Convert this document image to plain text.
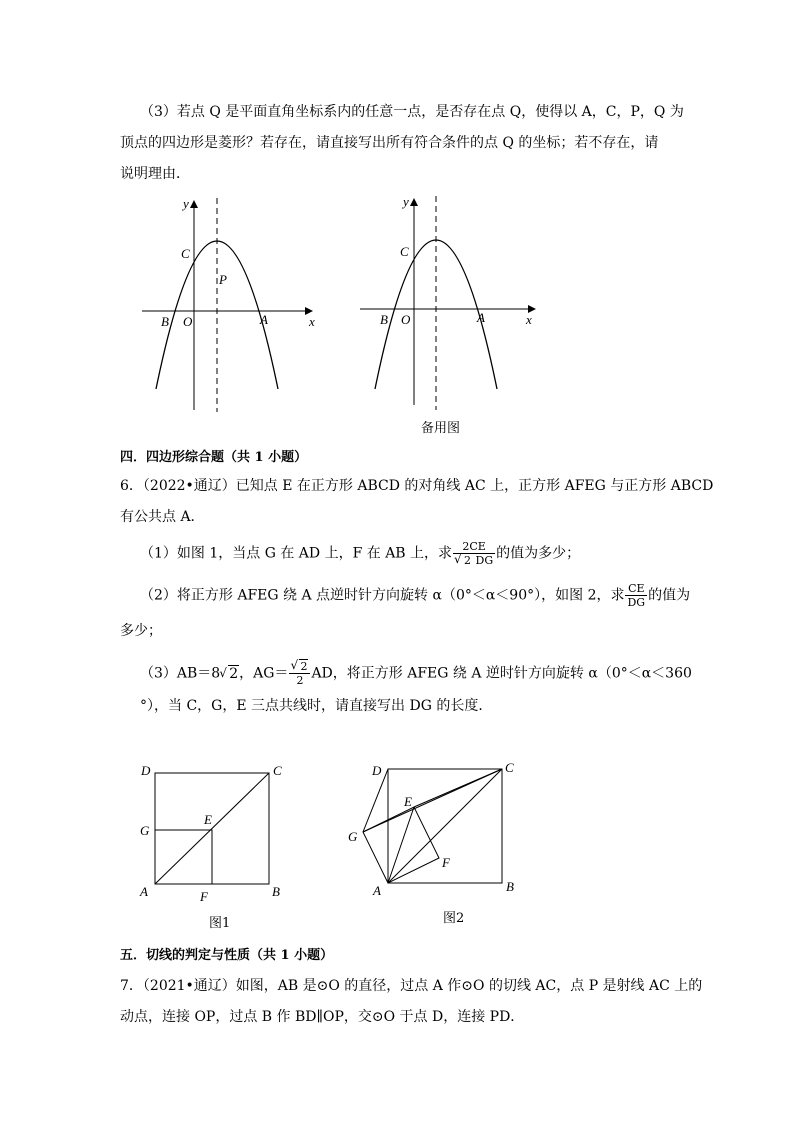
（3）若点 Q 是平面直角坐标系内的任意一点，是否存在点 Q，使得以 A，C，P，Q 为
顶点的四边形是菱形？若存在，请直接写出所有符合条件的点 Q 的坐标；若不存在，请
说明理由．
y
x
C
P
B O	A
y
x
C
B O	A
备用图
四．四边形综合题（共 1 小题）
6．（2022•通辽）已知点 E 在正方形 ABCD 的对角线 AC 上，正方形 AFEG 与正方形 ABCD
有公共点 A．
（1）如图 1，当点 G 在 AD 上，F 在 AB 上，求 2CE
√ 2 DG 的值为多少；
（2）将正方形 AFEG 绕 A 点逆时针方向旋转 α（0°＜α＜90°），如图 2，求 $\frac{CE}{DG}$ 的值为
多少；
（3）AB＝8 √ 2，AG＝ √ $\frac{2}{2}$ AD，将正方形 AFEG 绕 A 逆时针方向旋转 α（0°＜α＜360
°），当 C，G，E 三点共线时，请直接写出 DG 的长度．
D	C
G
E
A	F	B
图1
D	C
E
G
F
A	B
图2
五．切线的判定与性质（共 1 小题）
7．（2021•通辽）如图，AB 是⊙O 的直径，过点 A 作⊙O 的切线 AC，点 P 是射线 AC 上的
动点，连接 OP，过点 B 作 BD∥OP，交⊙O 于点 D，连接 PD．
